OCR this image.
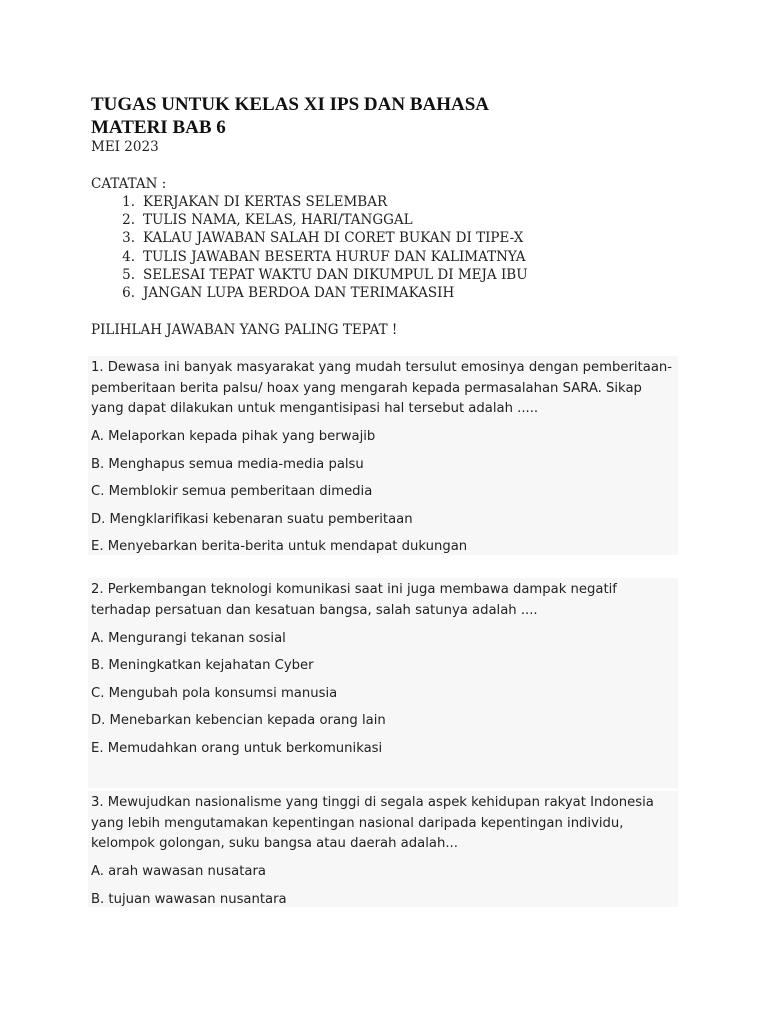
TUGAS UNTUK KELAS XI IPS DAN BAHASA
MATERI BAB 6
MEI 2023
CATATAN :
1. KERJAKAN DI KERTAS SELEMBAR
2. TULIS NAMA, KELAS, HARI/TANGGAL
3. KALAU JAWABAN SALAH DI CORET BUKAN DI TIPE-X
4. TULIS JAWABAN BESERTA HURUF DAN KALIMATNYA
5. SELESAI TEPAT WAKTU DAN DIKUMPUL DI MEJA IBU
6. JANGAN LUPA BERDOA DAN TERIMAKASIH
PILIHLAH JAWABAN YANG PALING TEPAT !

1. Dewasa ini banyak masyarakat yang mudah tersulut emosinya dengan pemberitaan-pemberitaan berita palsu/ hoax yang mengarah kepada permasalahan SARA. Sikap yang dapat dilakukan untuk mengantisipasi hal tersebut adalah .....

A. Melaporkan kepada pihak yang berwajib
B. Menghapus semua media-media palsu
C. Memblokir semua pemberitaan dimedia
D. Mengklarifikasi kebenaran suatu pemberitaan
E. Menyebarkan berita-berita untuk mendapat dukungan

2. Perkembangan teknologi komunikasi saat ini juga membawa dampak negatif terhadap persatuan dan kesatuan bangsa, salah satunya adalah ....

A. Mengurangi tekanan sosial
B. Meningkatkan kejahatan Cyber
C. Mengubah pola konsumsi manusia
D. Menebarkan kebencian kepada orang lain
E. Memudahkan orang untuk berkomunikasi

3. Mewujudkan nasionalisme yang tinggi di segala aspek kehidupan rakyat Indonesia yang lebih mengutamakan kepentingan nasional daripada kepentingan individu, kelompok golongan, suku bangsa atau daerah adalah...

A. arah wawasan nusatara
B. tujuan wawasan nusantara
